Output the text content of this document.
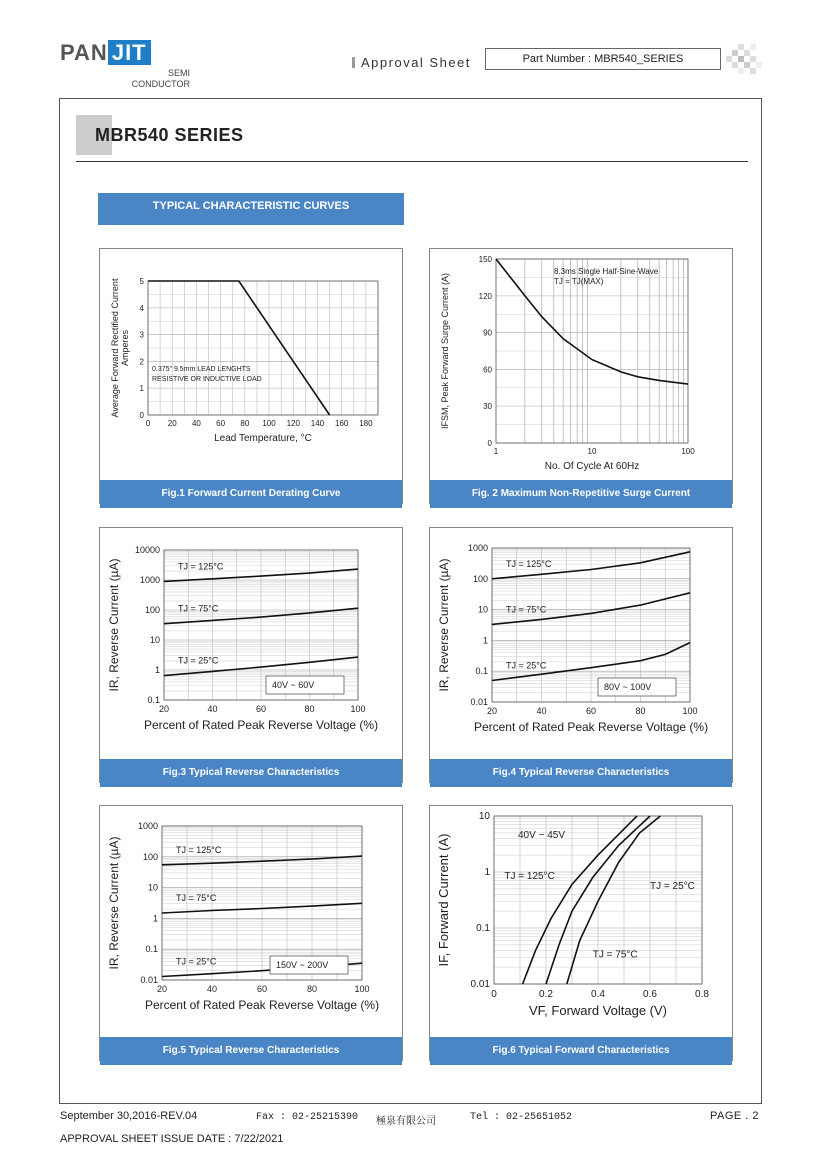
PAN JIT
SEMI
CONDUCTOR
Approval Sheet	Part Number : MBR540_SERIES
MBR540 SERIES
TYPICAL CHARACTERISTIC CURVES
0 20 40 60 80 100 120 140 160 180
0
1
2
3
4
5
Lead Temperature, °C
Average Forward Rectified Current Amperes
0.375" 9.5mm LEAD LENGHTS
RESISTIVE OR INDUCTIVE LOAD
Fig.1 Forward Current Derating Curve
1	10	100
0
30
60
90
120
150
No. Of Cycle At 60Hz
IFSM, Peak Forward Surge Current (A)
8.3ms Single Half-Sine-Wave
TJ = TJ(MAX)
Fig. 2 Maximum Non-Repetitive Surge Current
20	40	60	80	100
0.1
1
10
100
1000
10000
Percent of Rated Peak Reverse Voltage (%)
IR, Reverse Current (µA)	TJ = 125°C
TJ = 75°C
TJ = 25°C
40V ~ 60V
Fig.3 Typical Reverse Characteristics
20	40	60	80	100
0.01
0.1
1
10
100
1000
Percent of Rated Peak Reverse Voltage (%)
IR, Reverse Current (µA)	TJ = 125°C
TJ = 75°C
TJ = 25°C
80V ~ 100V
Fig.4 Typical Reverse Characteristics
20	40	60	80	100
0.01
0.1
1
10
100
1000
Percent of Rated Peak Reverse Voltage (%)
IR, Reverse Current (µA)	TJ = 125°C
TJ = 75°C
TJ = 25°C	150V ~ 200V
Fig.5 Typical Reverse Characteristics
0	0.2	0.4	0.6	0.8
0.01
0.1
1
10
VF, Forward Voltage (V)
IF, Forward Current (A)	TJ = 125°C
TJ = 75°C
TJ = 25°C
40V ~ 45V
Fig.6 Typical Forward Characteristics
September 30,2016-REV.04	Fax : 02-25215390 極泉有限公司	Tel : 02-25651052	PAGE . 2
APPROVAL SHEET ISSUE DATE : 7/22/2021
